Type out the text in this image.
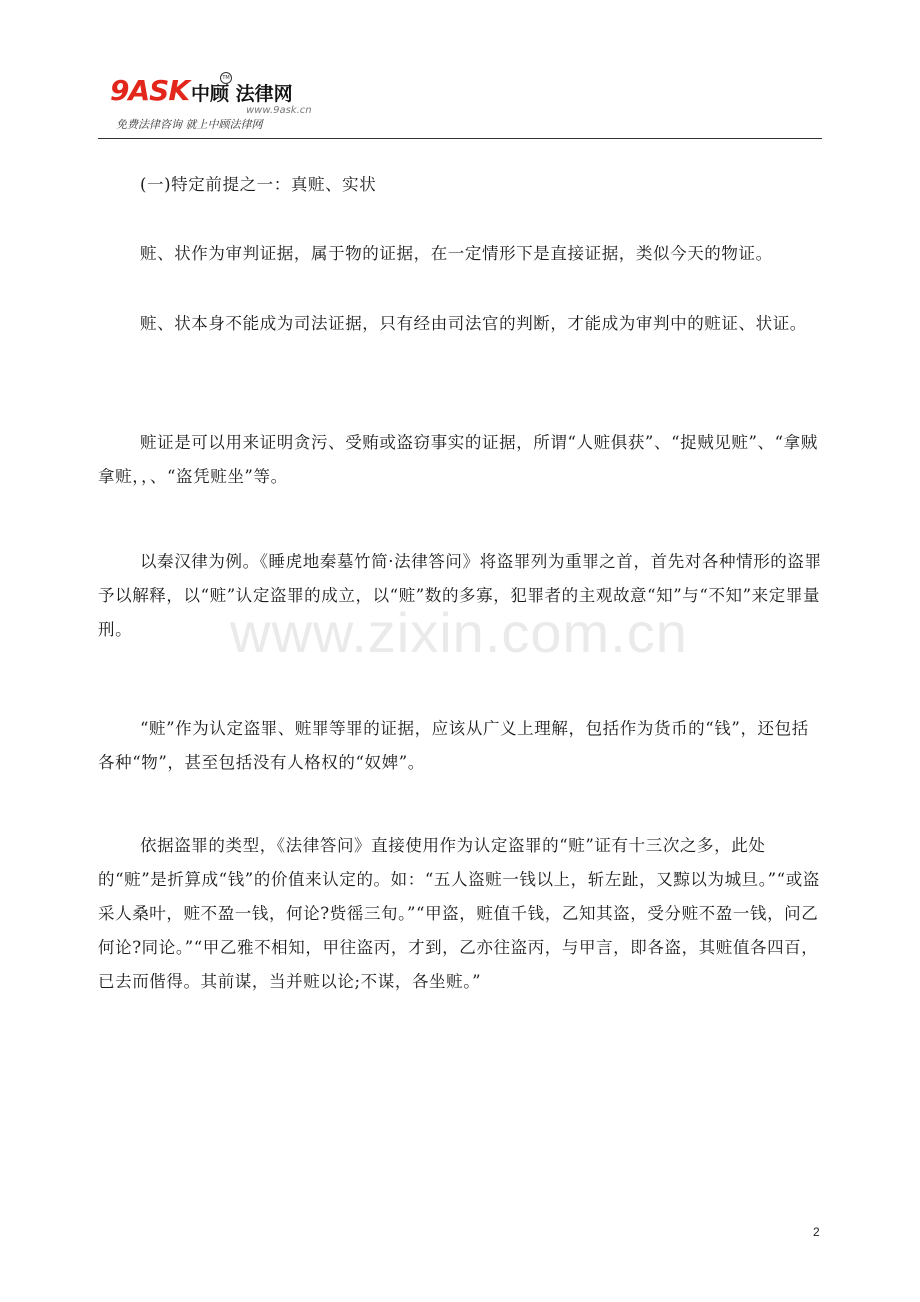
9ASK 中顾 法律网
TM
www.9ask.cn
免费法律咨询 就上中顾法律网
www.zixin.com.cn

(一)特定前提之一：真赃、实状

赃、状作为审判证据，属于物的证据，在一定情形下是直接证据，类似今天的物证。

赃、状本身不能成为司法证据，只有经由司法官的判断，才能成为审判中的赃证、状证。

赃证是可以用来证明贪污、受贿或盗窃事实的证据，所谓“人赃俱获”、“捉贼见赃”、“拿贼拿赃，，、“盗凭赃坐”等。

以秦汉律为例。《睡虎地秦墓竹简·法律答问》将盗罪列为重罪之首，首先对各种情形的盗罪予以解释，以“赃”认定盗罪的成立，以“赃”数的多寡，犯罪者的主观故意“知”与“不知”来定罪量刑。

“赃”作为认定盗罪、赃罪等罪的证据，应该从广义上理解，包括作为货币的“钱”，还包括各种“物”，甚至包括没有人格权的“奴婢”。

依据盗罪的类型，《法律答问》直接使用作为认定盗罪的“赃”证有十三次之多，此处的“赃”是折算成“钱”的价值来认定的。如：“五人盗赃一钱以上，斩左趾，又黥以为城旦。”“或盗采人桑叶，赃不盈一钱，何论?赀徭三旬。”“甲盗，赃值千钱，乙知其盗，受分赃不盈一钱，问乙何论?同论。”“甲乙雅不相知，甲往盗丙，才到，乙亦往盗丙，与甲言，即各盗，其赃值各四百，已去而偕得。其前谋，当并赃以论;不谋，各坐赃。”

2
